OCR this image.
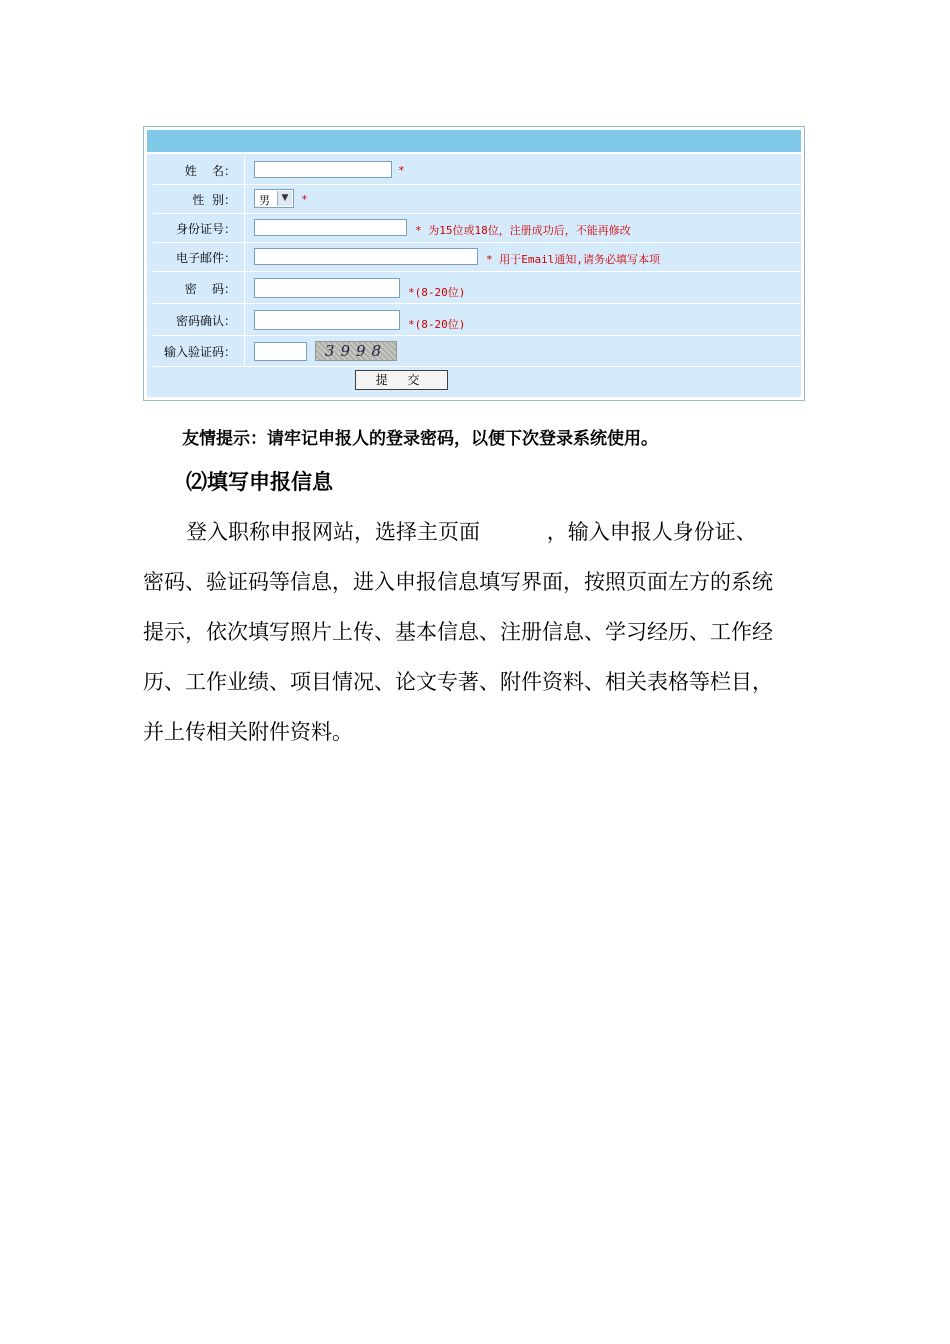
姓    名：	*
性  别： 男	▼	*
身份证号：	* 为15位或18位，注册成功后，不能再修改
电子邮件：	* 用于Email通知,请务必填写本项
密    码：	*(8-20位)
密码确认：	*(8-20位)
输入验证码：	3998
提 交
友情提示：请牢记申报人的登录密码，以便下次登录系统使用。
⑵填写申报信息
登入职称申报网站，选择主页面          ，输入申报人身份证、
密码、验证码等信息，进入申报信息填写界面，按照页面左方的系统
提示，依次填写照片上传、基本信息、注册信息、学习经历、工作经
历、工作业绩、项目情况、论文专著、附件资料、相关表格等栏目，
并上传相关附件资料。
